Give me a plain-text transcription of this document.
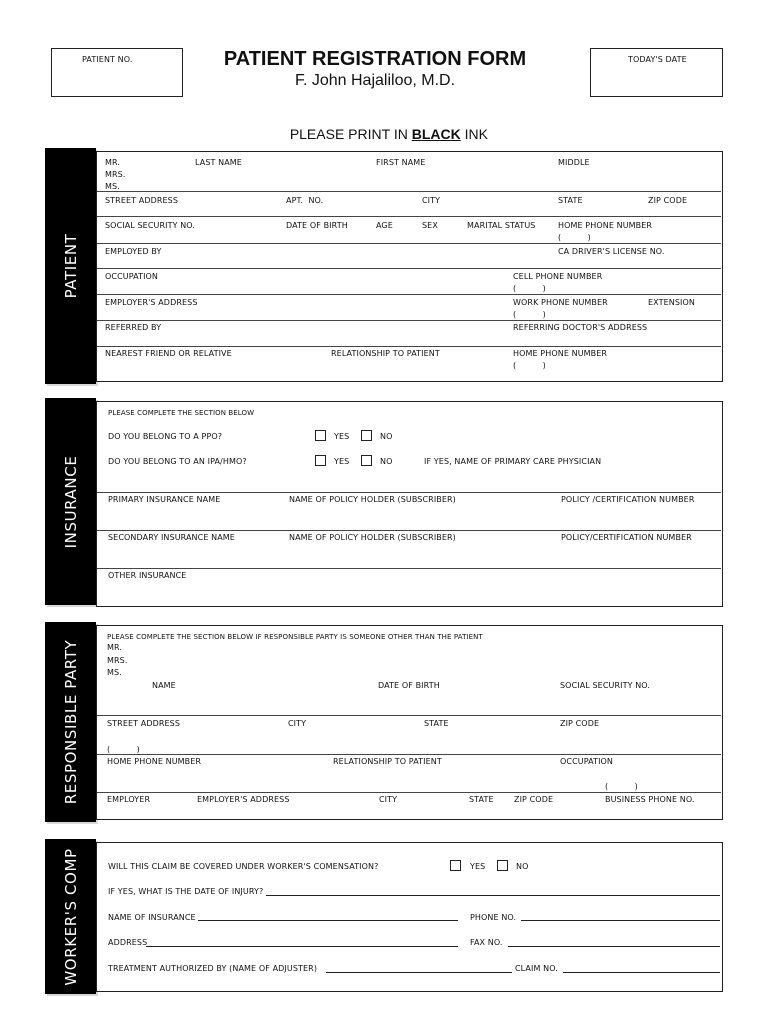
PATIENT NO.	PATIENT REGISTRATION FORM
F. John Hajaliloo, M.D.
TODAY'S DATE

PLEASE PRINT IN BLACK INK

PATIENT
MR.
MRS.
MS.
LAST NAME	FIRST NAME	MIDDLE
STREET ADDRESS	APT.  NO.	CITY	STATE	ZIP CODE
SOCIAL SECURITY NO.	DATE OF BIRTH	AGE	SEX	MARITAL STATUS	HOME PHONE NUMBER
(          )
EMPLOYED BY	CA DRIVER'S LICENSE NO.
OCCUPATION	CELL PHONE NUMBER
(          )
EMPLOYER'S ADDRESS	WORK PHONE NUMBER	EXTENSION
(          )
REFERRED BY	REFERRING DOCTOR'S ADDRESS
NEAREST FRIEND OR RELATIVE	RELATIONSHIP TO PATIENT	HOME PHONE NUMBER
(          )
INSURANCE
PLEASE COMPLETE THE SECTION BELOW
DO YOU BELONG TO A PPO?	YES	NO
DO YOU BELONG TO AN IPA/HMO?	YES	NO	IF YES, NAME OF PRIMARY CARE PHYSICIAN
PRIMARY INSURANCE NAME	NAME OF POLICY HOLDER (SUBSCRIBER)	POLICY /CERTIFICATION NUMBER
SECONDARY INSURANCE NAME	NAME OF POLICY HOLDER (SUBSCRIBER)	POLICY/CERTIFICATION NUMBER
OTHER INSURANCE
RESPONSIBLE PARTY
PLEASE COMPLETE THE SECTION BELOW IF RESPONSIBLE PARTY IS SOMEONE OTHER THAN THE PATIENT
MR.
MRS.
MS.
NAME	DATE OF BIRTH	SOCIAL SECURITY NO.
STREET ADDRESS	CITY	STATE	ZIP CODE
(          )
HOME PHONE NUMBER	RELATIONSHIP TO PATIENT	OCCUPATION
(          )
EMPLOYER	EMPLOYER'S ADDRESS	CITY	STATE	ZIP CODE	BUSINESS PHONE NO.
WORKER'S COMP	WILL THIS CLAIM BE COVERED UNDER WORKER'S COMENSATION?	YES	NO
IF YES, WHAT IS THE DATE OF INJURY?
NAME OF INSURANCE	PHONE NO.
ADDRESS	FAX NO.
TREATMENT AUTHORIZED BY (NAME OF ADJUSTER)	CLAIM NO.
